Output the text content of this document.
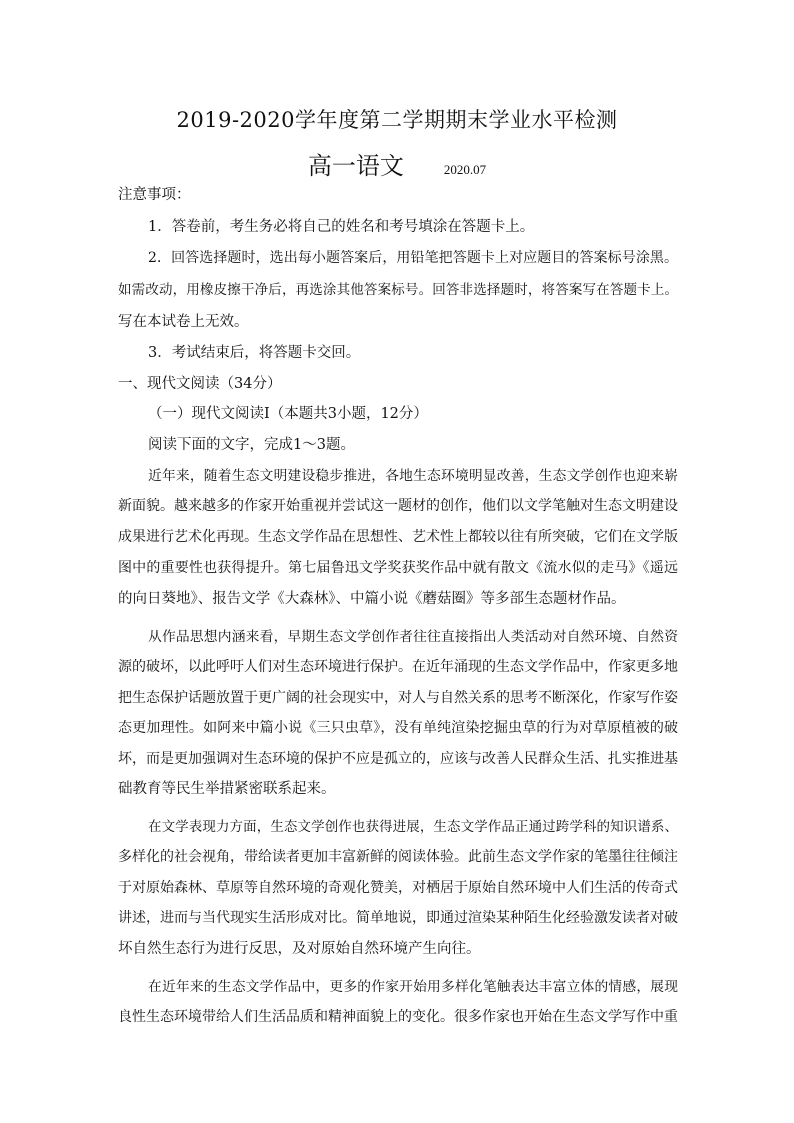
2019-2020学年度第二学期期末学业水平检测
高一语文	2020.07
注意事项：
1．答卷前，考生务必将自己的姓名和考号填涂在答题卡上。
2．回答选择题时，选出每小题答案后，用铅笔把答题卡上对应题目的答案标号涂黑。
如需改动，用橡皮擦干净后，再选涂其他答案标号。回答非选择题时，将答案写在答题卡上。
写在本试卷上无效。
3．考试结束后，将答题卡交回。
一、现代文阅读（34分）
（一）现代文阅读Ⅰ（本题共3小题，12分）
阅读下面的文字，完成1～3题。
近年来，随着生态文明建设稳步推进，各地生态环境明显改善，生态文学创作也迎来崭
新面貌。越来越多的作家开始重视并尝试这一题材的创作，他们以文学笔触对生态文明建设
成果进行艺术化再现。生态文学作品在思想性、艺术性上都较以往有所突破，它们在文学版
图中的重要性也获得提升。第七届鲁迅文学奖获奖作品中就有散文《流水似的走马》《遥远
的向日葵地》、报告文学《大森林》、中篇小说《蘑菇圈》等多部生态题材作品。
从作品思想内涵来看，早期生态文学创作者往往直接指出人类活动对自然环境、自然资
源的破坏，以此呼吁人们对生态环境进行保护。在近年涌现的生态文学作品中，作家更多地
把生态保护话题放置于更广阔的社会现实中，对人与自然关系的思考不断深化，作家写作姿
态更加理性。如阿来中篇小说《三只虫草》，没有单纯渲染挖掘虫草的行为对草原植被的破
坏，而是更加强调对生态环境的保护不应是孤立的，应该与改善人民群众生活、扎实推进基
础教育等民生举措紧密联系起来。
在文学表现力方面，生态文学创作也获得进展，生态文学作品正通过跨学科的知识谱系、
多样化的社会视角，带给读者更加丰富新鲜的阅读体验。此前生态文学作家的笔墨往往倾注
于对原始森林、草原等自然环境的奇观化赞美，对栖居于原始自然环境中人们生活的传奇式
讲述，进而与当代现实生活形成对比。简单地说，即通过渲染某种陌生化经验激发读者对破
坏自然生态行为进行反思，及对原始自然环境产生向往。
在近年来的生态文学作品中，更多的作家开始用多样化笔触表达丰富立体的情感，展现
良性生态环境带给人们生活品质和精神面貌上的变化。很多作家也开始在生态文学写作中重
